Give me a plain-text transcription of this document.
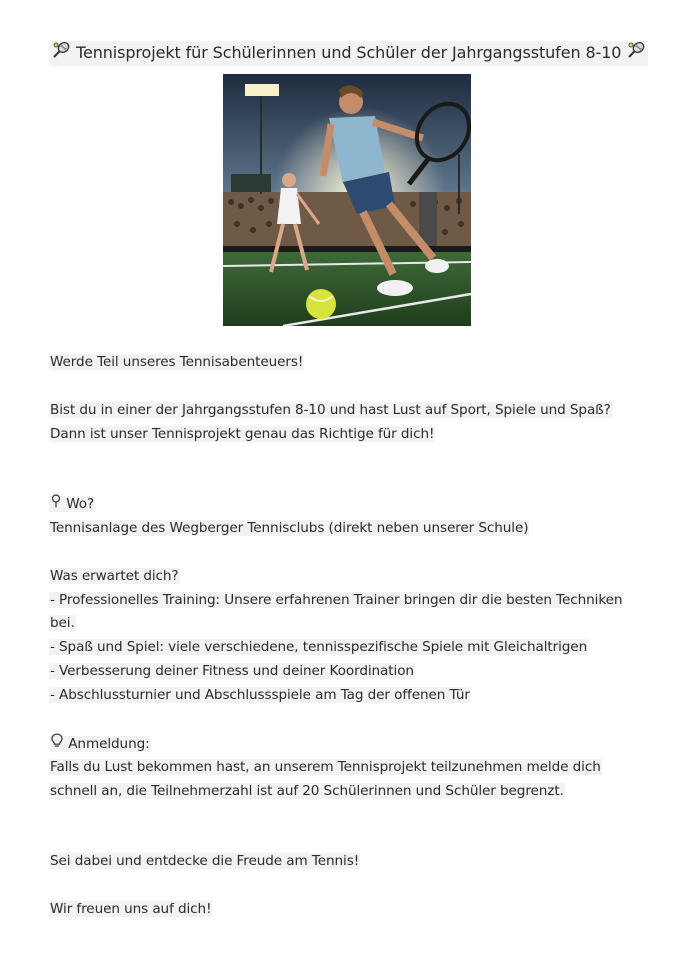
Tennisprojekt für Schülerinnen und Schüler der Jahrgangsstufen 8-10
Werde Teil unseres Tennisabenteuers!
Bist du in einer der Jahrgangsstufen 8-10 und hast Lust auf Sport, Spiele und Spaß?
Dann ist unser Tennisprojekt genau das Richtige für dich!
Wo?
Tennisanlage des Wegberger Tennisclubs (direkt neben unserer Schule)
Was erwartet dich?
- Professionelles Training: Unsere erfahrenen Trainer bringen dir die besten Techniken
bei.
- Spaß und Spiel: viele verschiedene, tennisspezifische Spiele mit Gleichaltrigen
- Verbesserung deiner Fitness und deiner Koordination
- Abschlussturnier und Abschlussspiele am Tag der offenen Tür
Anmeldung:
Falls du Lust bekommen hast, an unserem Tennisprojekt teilzunehmen melde dich
schnell an, die Teilnehmerzahl ist auf 20 Schülerinnen und Schüler begrenzt.
Sei dabei und entdecke die Freude am Tennis!
Wir freuen uns auf dich!
